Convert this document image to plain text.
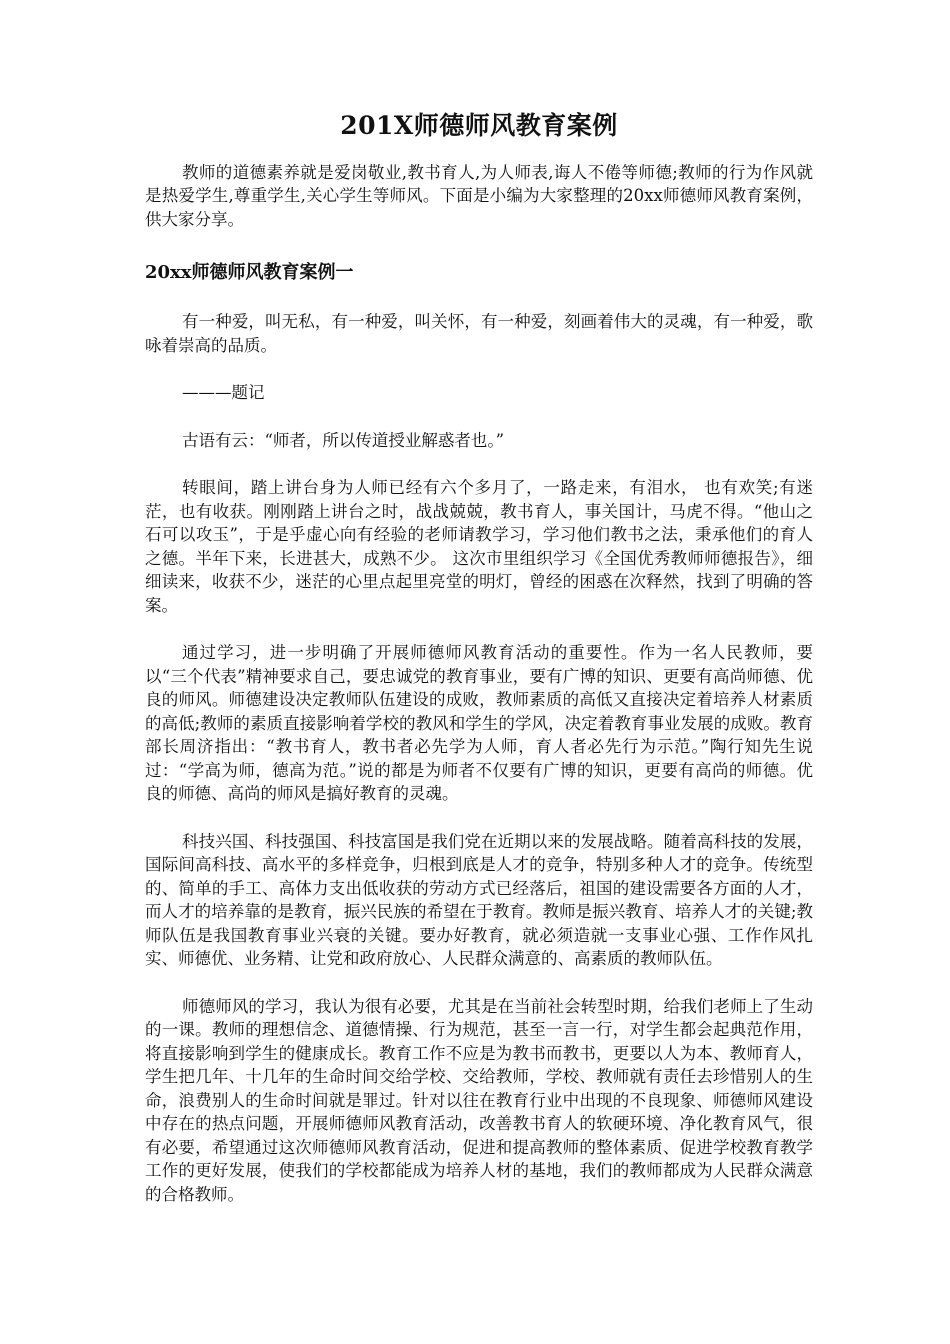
201X师德师风教育案例

教师的道德素养就是爱岗敬业,教书育人,为人师表,诲人不倦等师德;教师的行为作风就是热爱学生,尊重学生,关心学生等师风。下面是小编为大家整理的20xx师德师风教育案例，供大家分享。

20xx师德师风教育案例一

有一种爱，叫无私，有一种爱，叫关怀，有一种爱，刻画着伟大的灵魂，有一种爱，歌咏着崇高的品质。

———题记

古语有云：“师者，所以传道授业解惑者也。”

转眼间，踏上讲台身为人师已经有六个多月了，一路走来，有泪水， 也有欢笑;有迷茫，也有收获。刚刚踏上讲台之时，战战兢兢，教书育人，事关国计，马虎不得。“他山之石可以攻玉”，于是乎虚心向有经验的老师请教学习，学习他们教书之法，秉承他们的育人之德。半年下来，长进甚大，成熟不少。 这次市里组织学习《全国优秀教师师德报告》，细细读来，收获不少，迷茫的心里点起里亮堂的明灯，曾经的困惑在次释然，找到了明确的答案。

通过学习，进一步明确了开展师德师风教育活动的重要性。作为一名人民教师，要以“三个代表”精神要求自己，要忠诚党的教育事业，要有广博的知识、更要有高尚师德、优良的师风。师德建设决定教师队伍建设的成败，教师素质的高低又直接决定着培养人材素质的高低;教师的素质直接影响着学校的教风和学生的学风，决定着教育事业发展的成败。教育部长周济指出：“教书育人，教书者必先学为人师，育人者必先行为示范。”陶行知先生说过：“学高为师，德高为范。”说的都是为师者不仅要有广博的知识，更要有高尚的师德。优良的师德、高尚的师风是搞好教育的灵魂。

科技兴国、科技强国、科技富国是我们党在近期以来的发展战略。随着高科技的发展，国际间高科技、高水平的多样竞争，归根到底是人才的竞争，特别多种人才的竞争。传统型的、简单的手工、高体力支出低收获的劳动方式已经落后，祖国的建设需要各方面的人才，而人才的培养靠的是教育，振兴民族的希望在于教育。教师是振兴教育、培养人才的关键;教师队伍是我国教育事业兴衰的关键。要办好教育，就必须造就一支事业心强、工作作风扎实、师德优、业务精、让党和政府放心、人民群众满意的、高素质的教师队伍。

师德师风的学习，我认为很有必要，尤其是在当前社会转型时期，给我们老师上了生动的一课。教师的理想信念、道德情操、行为规范，甚至一言一行，对学生都会起典范作用，将直接影响到学生的健康成长。教育工作不应是为教书而教书，更要以人为本、教师育人，学生把几年、十几年的生命时间交给学校、交给教师，学校、教师就有责任去珍惜别人的生命，浪费别人的生命时间就是罪过。针对以往在教育行业中出现的不良现象、师德师风建设中存在的热点问题，开展师德师风教育活动，改善教书育人的软硬环境、净化教育风气，很有必要，希望通过这次师德师风教育活动，促进和提高教师的整体素质、促进学校教育教学工作的更好发展，使我们的学校都能成为培养人材的基地，我们的教师都成为人民群众满意的合格教师。
